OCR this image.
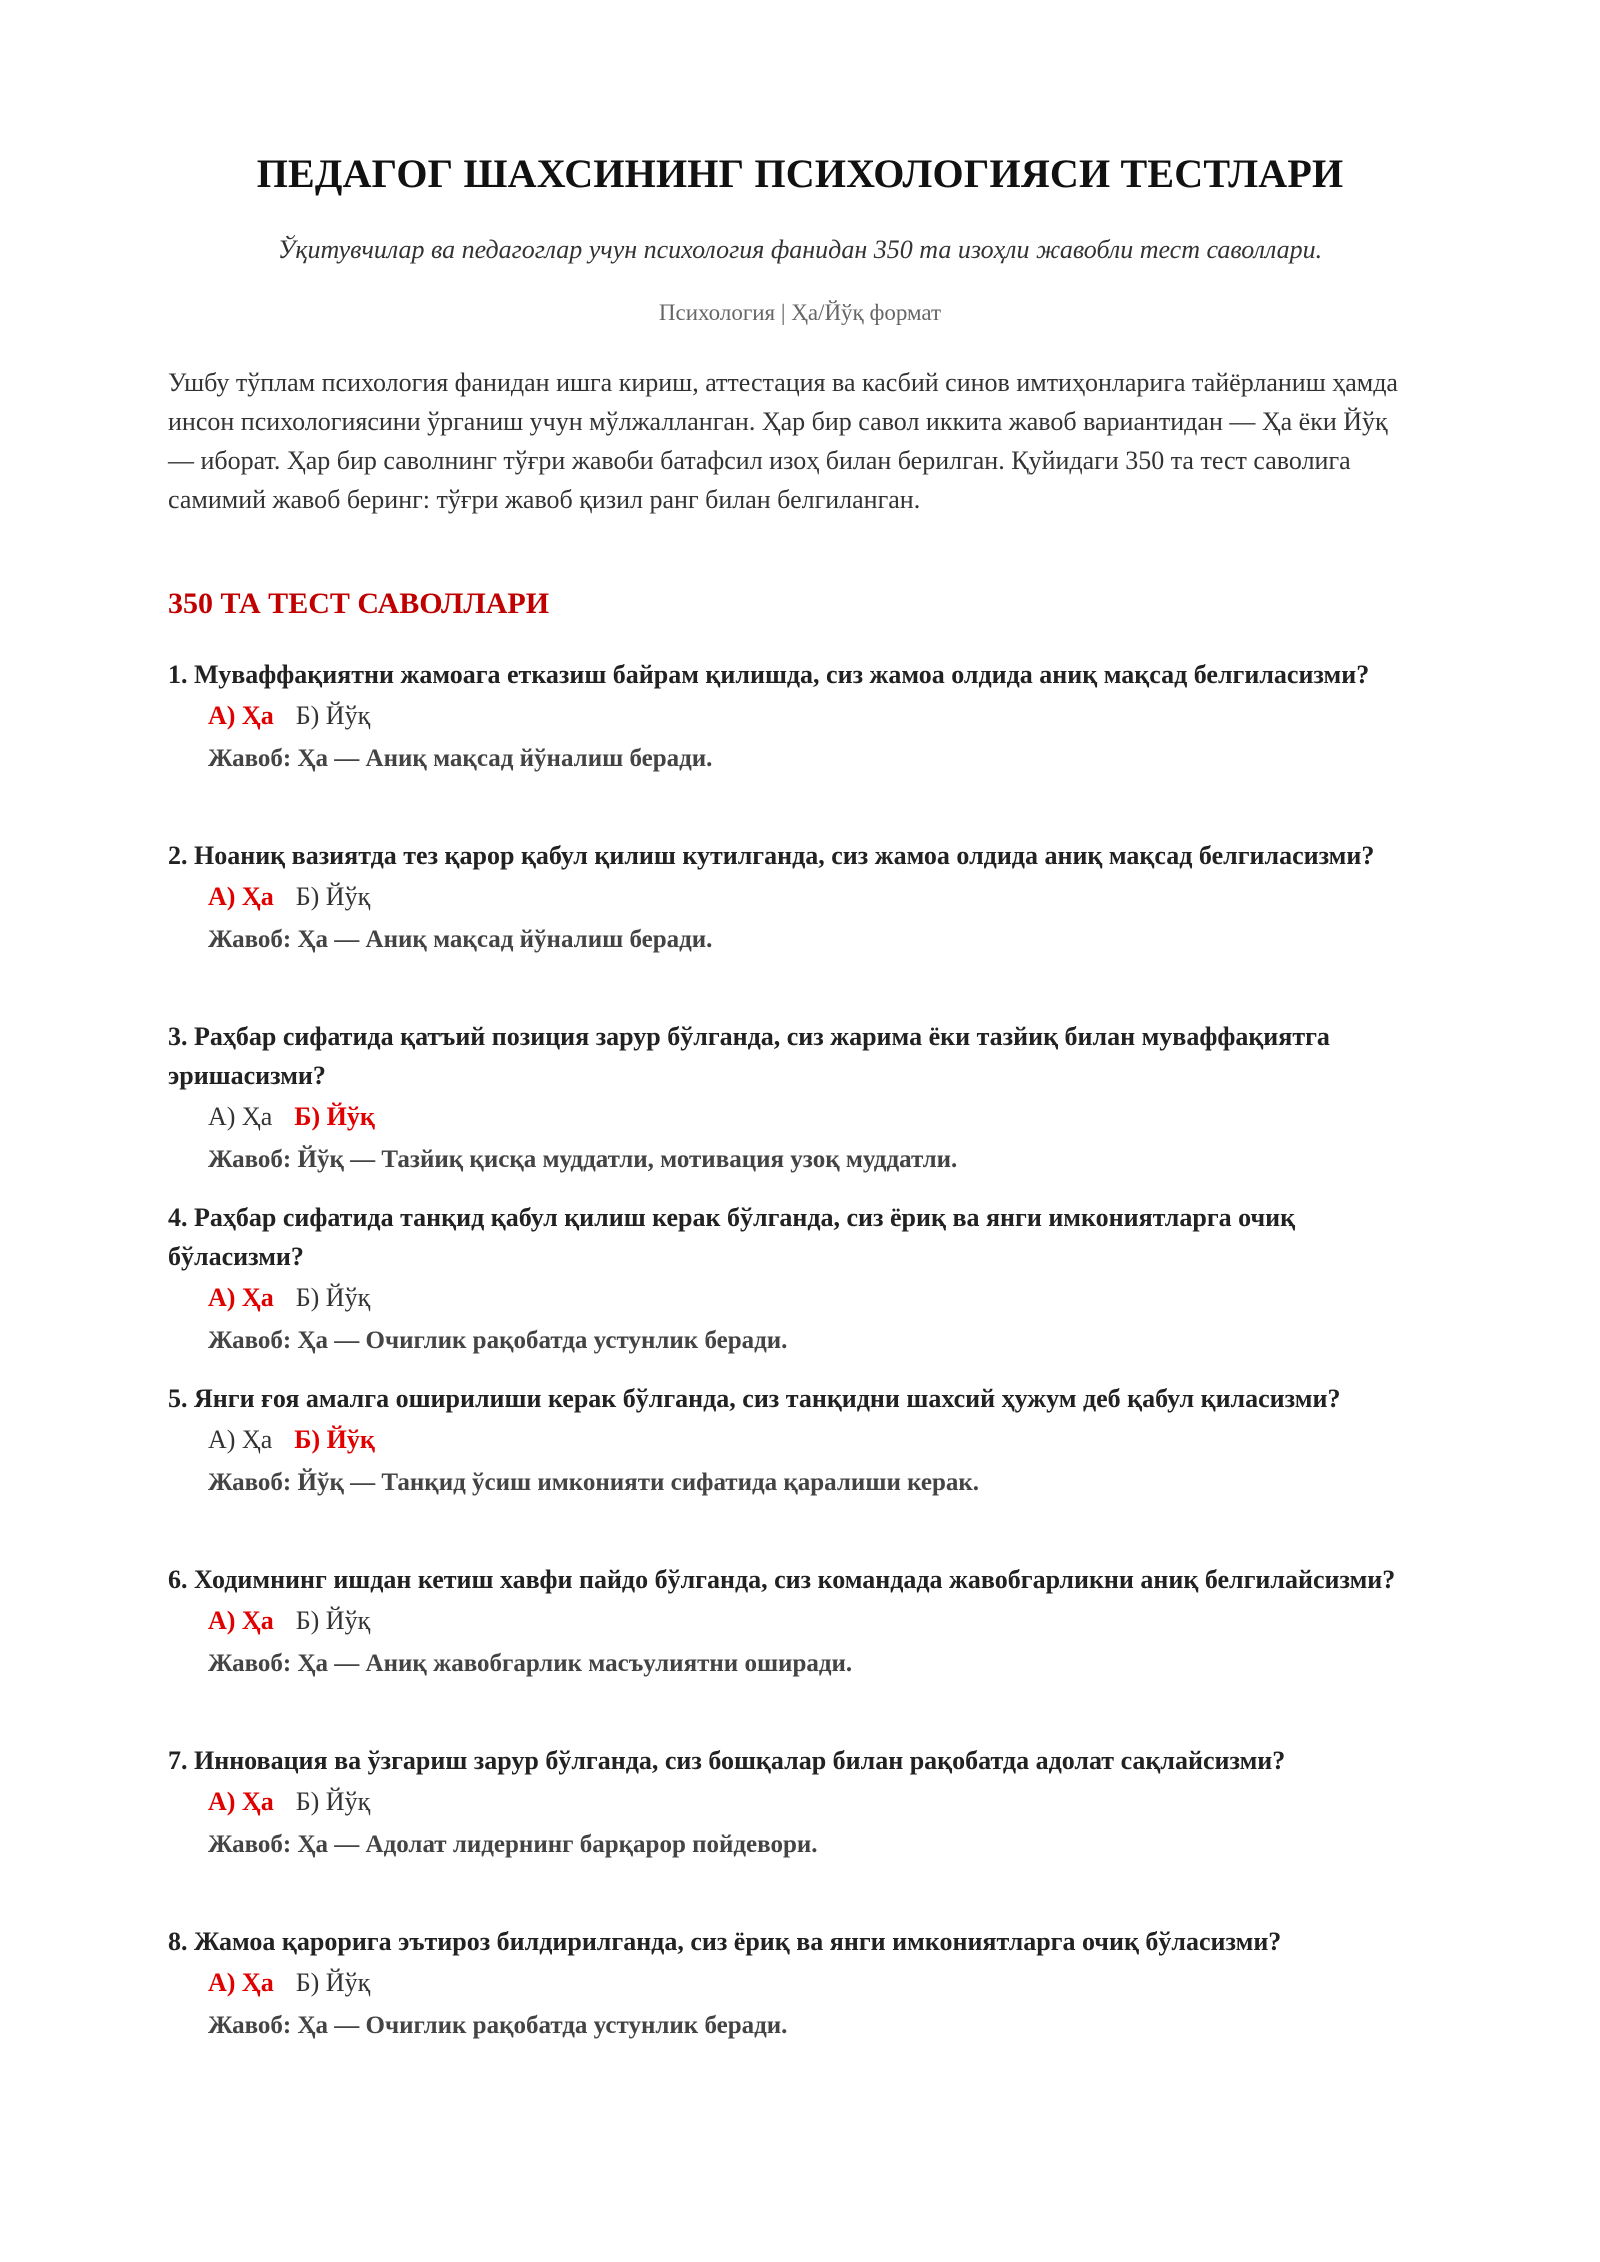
ПЕДАГОГ ШАХСИНИНГ ПСИХОЛОГИЯСИ ТЕСТЛАРИ
Ўқитувчилар ва педагоглар учун психология фанидан 350 та изоҳли жавобли тест саволлари.
Психология | Ҳа/Йўқ формат
Ушбу тўплам психология фанидан ишга кириш, аттестация ва касбий синов имтиҳонларига тайёрланиш ҳамда инсон психологиясини ўрганиш учун мўлжалланган. Ҳар бир савол иккита жавоб вариантидан — Ҳа ёки Йўқ — иборат. Ҳар бир саволнинг тўғри жавоби батафсил изоҳ билан берилган. Қуйидаги 350 та тест саволига самимий жавоб беринг: тўғри жавоб қизил ранг билан белгиланган.
350 ТА ТЕСТ САВОЛЛАРИ
1. Муваффақиятни жамоага етказиш байрам қилишда, сиз жамоа олдида аниқ мақсад белгиласизми?
А) Ҳа Б) Йўқ
Жавоб: Ҳа — Аниқ мақсад йўналиш беради.
2. Ноаниқ вазиятда тез қарор қабул қилиш кутилганда, сиз жамоа олдида аниқ мақсад белгиласизми?
А) Ҳа Б) Йўқ
Жавоб: Ҳа — Аниқ мақсад йўналиш беради.
3. Раҳбар сифатида қатъий позиция зарур бўлганда, сиз жарима ёки тазйиқ билан муваффақиятга эришасизми?
А) Ҳа Б) Йўқ
Жавоб: Йўқ — Тазйиқ қисқа муддатли, мотивация узоқ муддатли.
4. Раҳбар сифатида танқид қабул қилиш керак бўлганда, сиз ёриқ ва янги имкониятларга очиқ бўласизми?
А) Ҳа Б) Йўқ
Жавоб: Ҳа — Очиглик рақобатда устунлик беради.
5. Янги ғоя амалга оширилиши керак бўлганда, сиз танқидни шахсий ҳужум деб қабул қиласизми?
А) Ҳа Б) Йўқ
Жавоб: Йўқ — Танқид ўсиш имконияти сифатида қаралиши керак.
6. Ходимнинг ишдан кетиш хавфи пайдо бўлганда, сиз командада жавобгарликни аниқ белгилайсизми?
А) Ҳа Б) Йўқ
Жавоб: Ҳа — Аниқ жавобгарлик масъулиятни оширади.
7. Инновация ва ўзгариш зарур бўлганда, сиз бошқалар билан рақобатда адолат сақлайсизми?
А) Ҳа Б) Йўқ
Жавоб: Ҳа — Адолат лидернинг барқарор пойдевори.
8. Жамоа қарорига эътироз билдирилганда, сиз ёриқ ва янги имкониятларга очиқ бўласизми?
А) Ҳа Б) Йўқ
Жавоб: Ҳа — Очиглик рақобатда устунлик беради.
